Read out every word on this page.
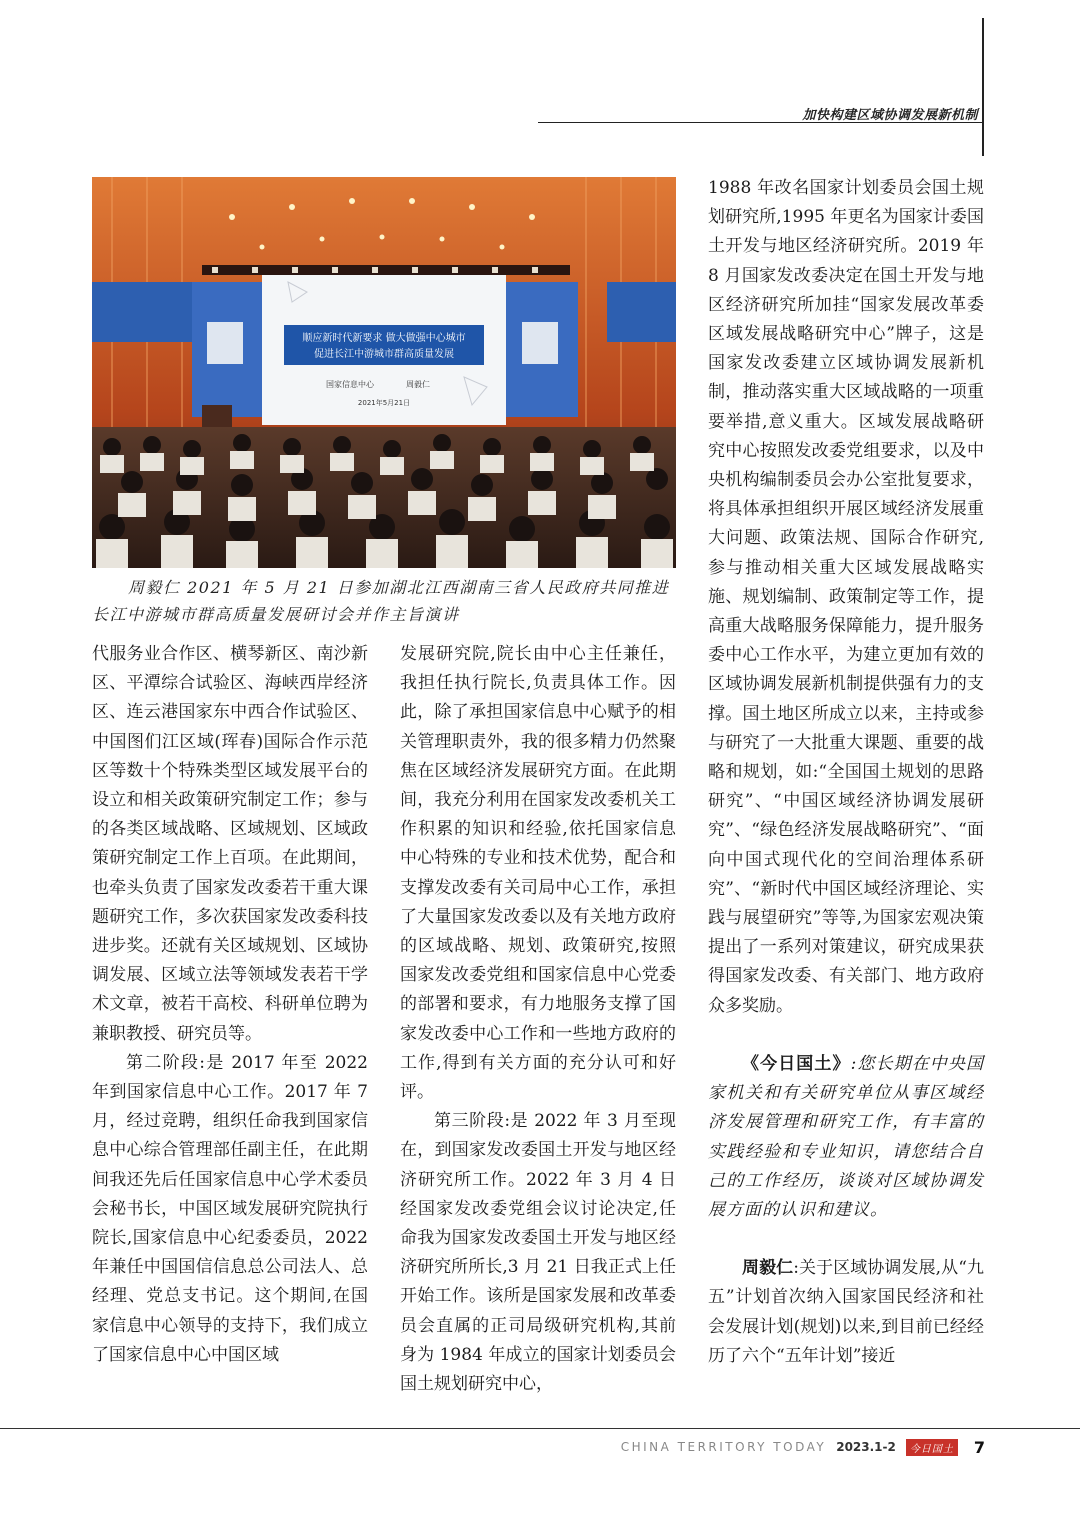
加快构建区域协调发展新机制
顺应新时代新要求 做大做强中心城市
促进长江中游城市群高质量发展
国家信息中心	周毅仁
2021年5月21日
周毅仁 2021 年 5 月 21 日参加湖北江西湖南三省人民政府共同推进长江中游城市群高质量发展研讨会并作主旨演讲

代服务业合作区、横琴新区、南沙新区、平潭综合试验区、海峡西岸经济区、连云港国家东中西合作试验区、中国图们江区域(珲春)国际合作示范区等数十个特殊类型区域发展平台的设立和相关政策研究制定工作；参与的各类区域战略、区域规划、区域政策研究制定工作上百项。在此期间，也牵头负责了国家发改委若干重大课题研究工作，多次获国家发改委科技进步奖。还就有关区域规划、区域协调发展、区域立法等领域发表若干学术文章，被若干高校、科研单位聘为兼职教授、研究员等。

第二阶段:是 2017 年至 2022 年到国家信息中心工作。2017 年 7 月，经过竞聘，组织任命我到国家信息中心综合管理部任副主任，在此期间我还先后任国家信息中心学术委员会秘书长，中国区域发展研究院执行院长,国家信息中心纪委委员，2022 年兼任中国国信信息总公司法人、总经理、党总支书记。这个期间,在国家信息中心领导的支持下，我们成立了国家信息中心中国区域

发展研究院,院长由中心主任兼任，我担任执行院长,负责具体工作。因此，除了承担国家信息中心赋予的相关管理职责外，我的很多精力仍然聚焦在区域经济发展研究方面。在此期间，我充分利用在国家发改委机关工作积累的知识和经验,依托国家信息中心特殊的专业和技术优势，配合和支撑发改委有关司局中心工作，承担了大量国家发改委以及有关地方政府的区域战略、规划、政策研究,按照国家发改委党组和国家信息中心党委的部署和要求，有力地服务支撑了国家发改委中心工作和一些地方政府的工作,得到有关方面的充分认可和好评。

第三阶段:是 2022 年 3 月至现在，到国家发改委国土开发与地区经济研究所工作。2022 年 3 月 4 日经国家发改委党组会议讨论决定,任命我为国家发改委国土开发与地区经济研究所所长,3 月 21 日我正式上任开始工作。该所是国家发展和改革委员会直属的正司局级研究机构,其前身为 1984 年成立的国家计划委员会国土规划研究中心，

1988 年改名国家计划委员会国土规划研究所,1995 年更名为国家计委国土开发与地区经济研究所。2019 年 8 月国家发改委决定在国土开发与地区经济研究所加挂“国家发展改革委区域发展战略研究中心”牌子，这是国家发改委建立区域协调发展新机制，推动落实重大区域战略的一项重要举措,意义重大。区域发展战略研究中心按照发改委党组要求，以及中央机构编制委员会办公室批复要求，将具体承担组织开展区域经济发展重大问题、政策法规、国际合作研究,参与推动相关重大区域发展战略实施、规划编制、政策制定等工作，提高重大战略服务保障能力，提升服务委中心工作水平，为建立更加有效的区域协调发展新机制提供强有力的支撑。国土地区所成立以来，主持或参与研究了一大批重大课题、重要的战略和规划，如:“全国国土规划的思路研究”、“中国区域经济协调发展研究”、“绿色经济发展战略研究”、“面向中国式现代化的空间治理体系研究”、“新时代中国区域经济理论、实践与展望研究”等等,为国家宏观决策提出了一系列对策建议，研究成果获得国家发改委、有关部门、地方政府众多奖励。

《今日国土》:您长期在中央国家机关和有关研究单位从事区域经济发展管理和研究工作，有丰富的实践经验和专业知识，请您结合自己的工作经历，谈谈对区域协调发展方面的认识和建议。

周毅仁:关于区域协调发展,从“九五”计划首次纳入国家国民经济和社会发展计划(规划)以来,到目前已经经历了六个“五年计划”接近

CHINA TERRITORY TODAY 2023.1-2	今日国土 7
